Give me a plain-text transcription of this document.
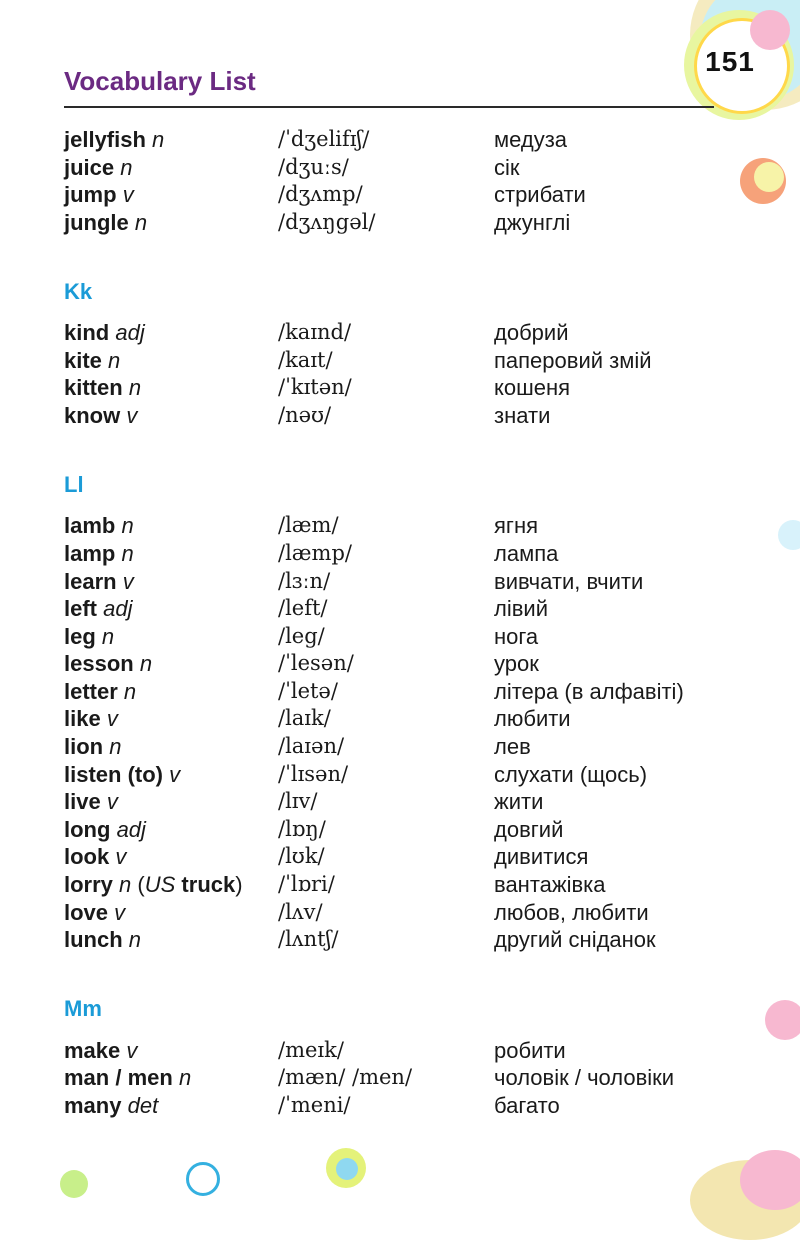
151
Vocabulary List
jellyfish n	/ˈdʒelifɪʃ/	медуза
juice n	/dʒuːs/	сік
jump v	/dʒʌmp/	стрибати
jungle n	/dʒʌŋgəl/	джунглі
Kk
kind adj	/kaɪnd/	добрий
kite n	/kaɪt/	паперовий змій
kitten n	/ˈkɪtən/	кошеня
know v	/nəʊ/	знати
Ll
lamb n	/læm/	ягня
lamp n	/læmp/	лампа
learn v	/lɜːn/	вивчати, вчити
left adj	/left/	лівий
leg n	/leg/	нога
lesson n	/ˈlesən/	урок
letter n	/ˈletə/	літера (в алфавіті)
like v	/laɪk/	любити
lion n	/laɪən/	лев
listen (to) v	/ˈlɪsən/	слухати (щось)
live v	/lɪv/	жити
long adj	/lɒŋ/	довгий
look v	/lʊk/	дивитися
lorry n (US truck) /ˈlɒri/	вантажівка
love v	/lʌv/	любов, любити
lunch n	/lʌntʃ/	другий сніданок
Mm
make v	/meɪk/	робити
man / men n	/mæn/ /men/	чоловік / чоловіки
many det	/ˈmeni/	багато
